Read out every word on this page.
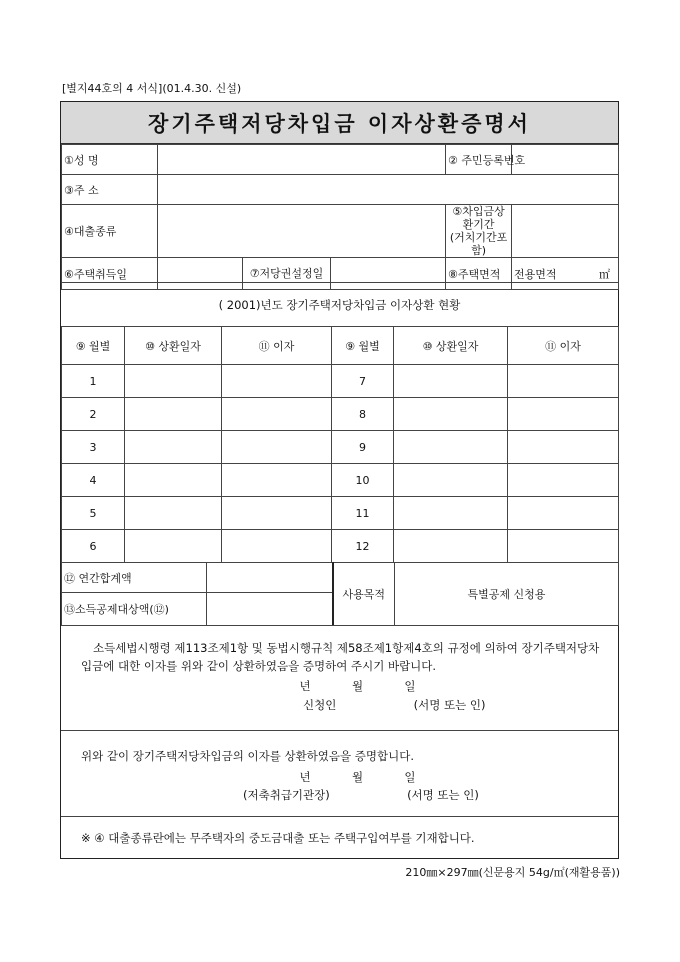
[별지44호의 4 서식](01.4.30. 신설)
장기주택저당차입금 이자상환증명서
①성 명				② 주민등록번호	
③주 소					
④대출종류				⑤차입금상환기간
(거치기간포함)	
⑥주택취득일		⑦저당권설정일		⑧주택면적	전용면적 ㎡
( 2001)년도 장기주택저당차입금 이자상환 현황
⑨ 월별	⑩ 상환일자	⑪ 이자	⑨ 월별	⑩ 상환일자	⑪ 이자
1			7		
2			8		
3			9		
4			10		
5			11		
6			12		
⑫ 연간합계액		사용목적	특별공제 신청용
⑬소득공제대상액(⑫)			

소득세법시행령 제113조제1항 및 동법시행규칙 제58조제1항제4호의 규정에 의하여 장기주택저당차입금에 대한 이자를 위와 같이 상환하였음을 증명하여 주시기 바랍니다.

년	월	일
신청인	(서명 또는 인)

위와 같이 장기주택저당차입금의 이자를 상환하였음을 증명합니다.

년	월	일
(저축취급기관장)	(서명 또는 인)
※ ④ 대출종류란에는 무주택자의 중도금대출 또는 주택구입여부를 기재합니다.
210㎜×297㎜(신문용지 54g/㎡(재활용품))
